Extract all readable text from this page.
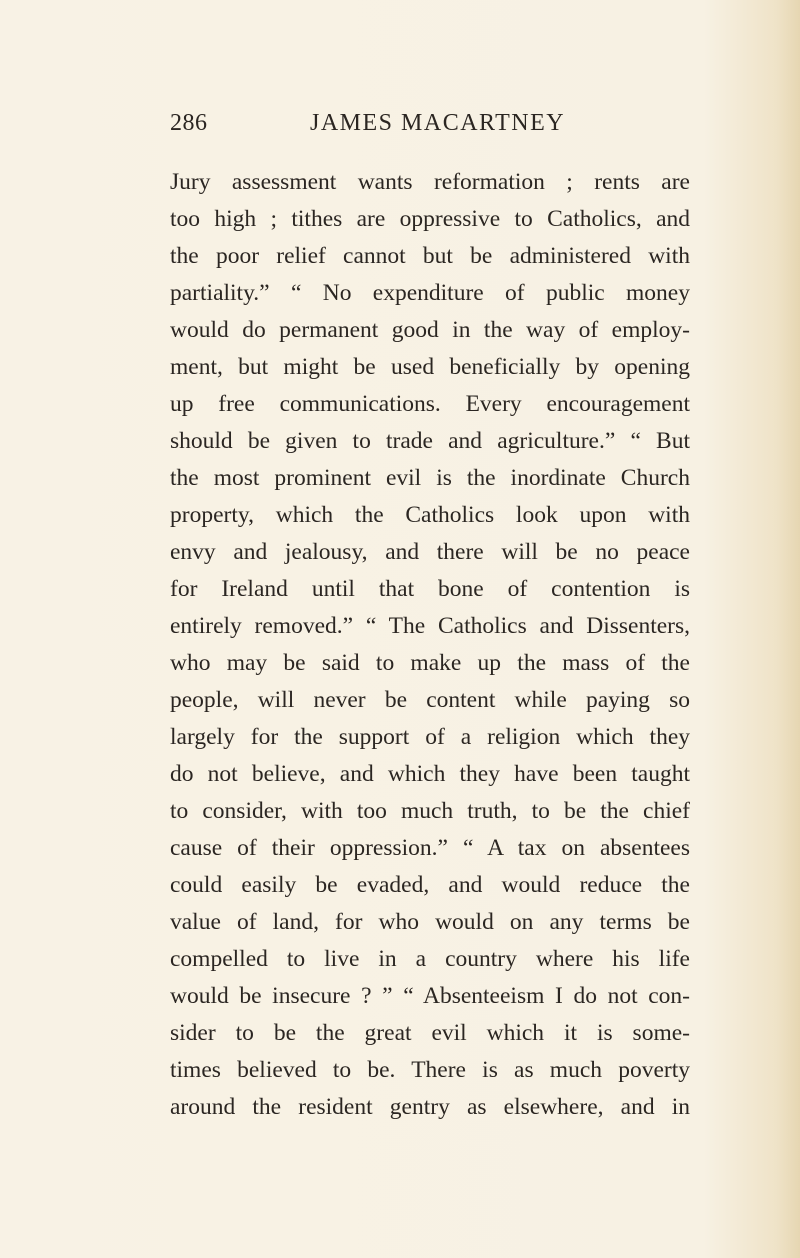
286	JAMES MACARTNEY
Jury assessment wants reformation ; rents are
too high ; tithes are oppressive to Catholics, and
the poor relief cannot but be administered with
partiality.” “ No expenditure of public money
would do permanent good in the way of employ-
ment, but might be used beneficially by opening
up free communications. Every encouragement
should be given to trade and agriculture.” “ But
the most prominent evil is the inordinate Church
property, which the Catholics look upon with
envy and jealousy, and there will be no peace
for Ireland until that bone of contention is
entirely removed.” “ The Catholics and Dissenters,
who may be said to make up the mass of the
people, will never be content while paying so
largely for the support of a religion which they
do not believe, and which they have been taught
to consider, with too much truth, to be the chief
cause of their oppression.” “ A tax on absentees
could easily be evaded, and would reduce the
value of land, for who would on any terms be
compelled to live in a country where his life
would be insecure ? ” “ Absenteeism I do not con-
sider to be the great evil which it is some-
times believed to be. There is as much poverty
around the resident gentry as elsewhere, and in
